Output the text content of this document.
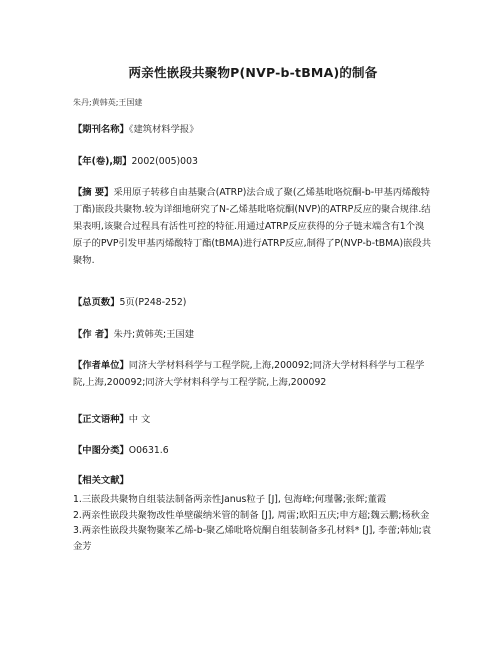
两亲性嵌段共聚物P(NVP-b-tBMA)的制备
朱丹;黄韩英;王国建
【期刊名称】《建筑材料学报》
【年(卷),期】2002(005)003
【摘 要】采用原子转移自由基聚合(ATRP)法合成了聚(乙烯基吡咯烷酮-b-甲基丙烯酸特丁酯)嵌段共聚物.较为详细地研究了N-乙烯基吡咯烷酮(NVP)的ATRP反应的聚合规律.结果表明,该聚合过程具有活性可控的特征.用通过ATRP反应获得的分子链末端含有1个溴原子的PVP引发甲基丙烯酸特丁酯(tBMA)进行ATRP反应,制得了P(NVP-b-tBMA)嵌段共聚物.
【总页数】5页(P248-252)
【作 者】朱丹;黄韩英;王国建
【作者单位】同济大学材料科学与工程学院,上海,200092;同济大学材料科学与工程学院,上海,200092;同济大学材料科学与工程学院,上海,200092
【正文语种】中 文
【中图分类】O0631.6
【相关文献】

1.三嵌段共聚物自组装法制备两亲性Janus粒子 [J], 包海峰;何瑾馨;张辉;董霞

2.两亲性嵌段共聚物改性单壁碳纳米管的制备 [J], 周雷;欧阳五庆;申方超;魏云鹏;杨秋金

3.两亲性嵌段共聚物聚苯乙烯-b-聚乙烯吡咯烷酮自组装制备多孔材料* [J], 李蕾;韩灿;袁金芳
